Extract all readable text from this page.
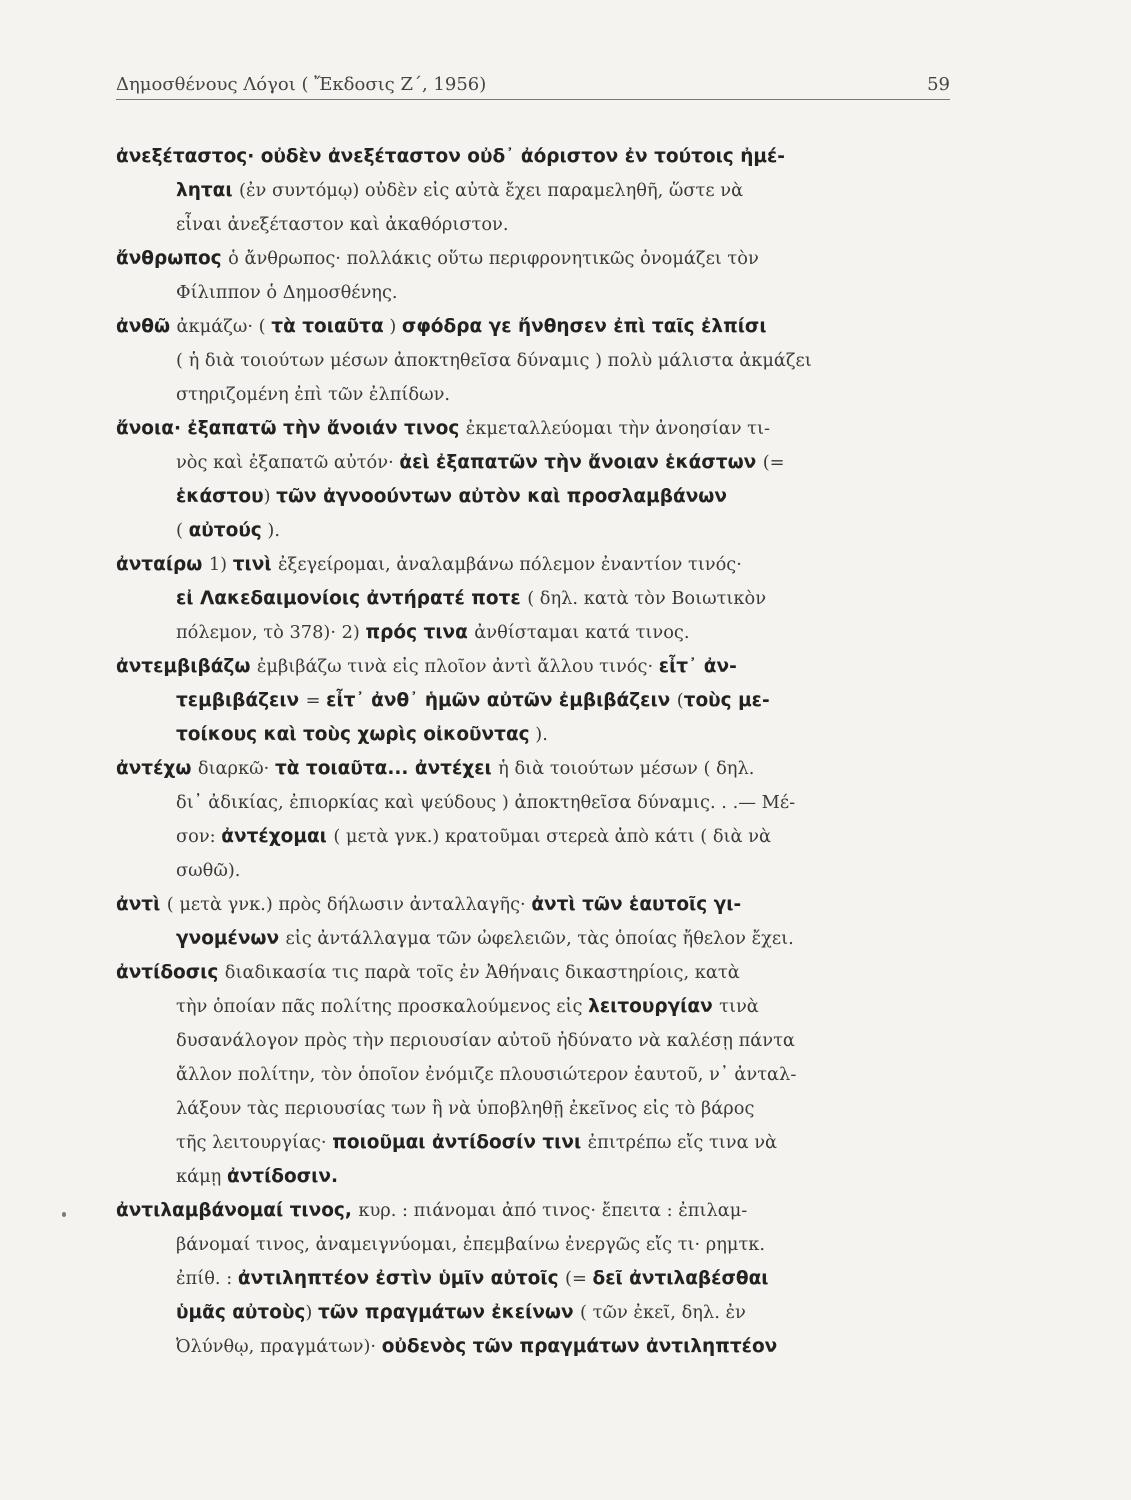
Δημοσθένους Λόγοι ( Ἔκδοσις Ζ΄, 1956)	59
ἀνεξέταστος· οὐδὲν ἀνεξέταστον οὐδ᾽ ἀόριστον ἐν τούτοις ἠμέ-
ληται (ἐν συντόμῳ) οὐδὲν εἰς αὐτὰ ἔχει παραμεληθῆ, ὥστε νὰ
εἶναι ἀνεξέταστον καὶ ἀκαθόριστον.
ἄνθρωπος ὁ ἄνθρωπος· πολλάκις οὕτω περιφρονητικῶς ὀνομάζει τὸν
Φίλιππον ὁ Δημοσθένης.
ἀνθῶ ἀκμάζω· ( τὰ τοιαῦτα ) σφόδρα γε ἤνθησεν ἐπὶ ταῖς ἐλπίσι
( ἡ διὰ τοιούτων μέσων ἀποκτηθεῖσα δύναμις ) πολὺ μάλιστα ἀκμάζει
στηριζομένη ἐπὶ τῶν ἐλπίδων.
ἄνοια· ἐξαπατῶ τὴν ἄνοιάν τινος ἐκμεταλλεύομαι τὴν ἀνοησίαν τι-
νὸς καὶ ἐξαπατῶ αὐτόν· ἀεὶ ἐξαπατῶν τὴν ἄνοιαν ἑκάστων (=
ἑκάστου) τῶν ἀγνοούντων αὐτὸν καὶ προσλαμβάνων
( αὐτούς ).
ἀνταίρω 1) τινὶ ἐξεγείρομαι, ἀναλαμβάνω πόλεμον ἐναντίον τινός·
εἰ Λακεδαιμονίοις ἀντήρατέ ποτε ( δηλ. κατὰ τὸν Βοιωτικὸν
πόλεμον, τὸ 378)· 2) πρός τινα ἀνθίσταμαι κατά τινος.
ἀντεμβιβάζω ἐμβιβάζω τινὰ εἰς πλοῖον ἀντὶ ἄλλου τινός· εἶτ᾽ ἀν-
τεμβιβάζειν = εἶτ᾽ ἀνθ᾽ ἡμῶν αὐτῶν ἐμβιβάζειν (τοὺς με-
τοίκους καὶ τοὺς χωρὶς οἰκοῦντας ).
ἀντέχω διαρκῶ· τὰ τοιαῦτα... ἀντέχει ἡ διὰ τοιούτων μέσων ( δηλ.
δι᾽ ἀδικίας, ἐπιορκίας καὶ ψεύδους ) ἀποκτηθεῖσα δύναμις. . .— Μέ-
σον: ἀντέχομαι ( μετὰ γνκ.) κρατοῦμαι στερεὰ ἀπὸ κάτι ( διὰ νὰ
σωθῶ).
ἀντὶ ( μετὰ γνκ.) πρὸς δήλωσιν ἀνταλλαγῆς· ἀντὶ τῶν ἑαυτοῖς γι-
γνομένων εἰς ἀντάλλαγμα τῶν ὠφελειῶν, τὰς ὁποίας ἤθελον ἔχει.
ἀντίδοσις διαδικασία τις παρὰ τοῖς ἐν Ἀθήναις δικαστηρίοις, κατὰ
τὴν ὁποίαν πᾶς πολίτης προσκαλούμενος εἰς λειτουργίαν τινὰ
δυσανάλογον πρὸς τὴν περιουσίαν αὐτοῦ ἠδύνατο νὰ καλέσῃ πάντα
ἄλλον πολίτην, τὸν ὁποῖον ἐνόμιζε πλουσιώτερον ἑαυτοῦ, ν᾽ ἀνταλ-
λάξουν τὰς περιουσίας των ἢ νὰ ὑποβληθῇ ἐκεῖνος εἰς τὸ βάρος
τῆς λειτουργίας· ποιοῦμαι ἀντίδοσίν τινι ἐπιτρέπω εἴς τινα νὰ
κάμῃ ἀντίδοσιν.
ἀντιλαμβάνομαί τινος, κυρ. : πιάνομαι ἀπό τινος· ἔπειτα : ἐπιλαμ-
βάνομαί τινος, ἀναμειγνύομαι, ἐπεμβαίνω ἐνεργῶς εἴς τι· ρημτκ.
ἐπίθ. : ἀντιληπτέον ἐστὶν ὑμῖν αὐτοῖς (= δεῖ ἀντιλαβέσθαι
ὑμᾶς αὐτοὺς) τῶν πραγμάτων ἐκείνων ( τῶν ἐκεῖ, δηλ. ἐν
Ὀλύνθῳ, πραγμάτων)· οὐδενὸς τῶν πραγμάτων ἀντιληπτέον
